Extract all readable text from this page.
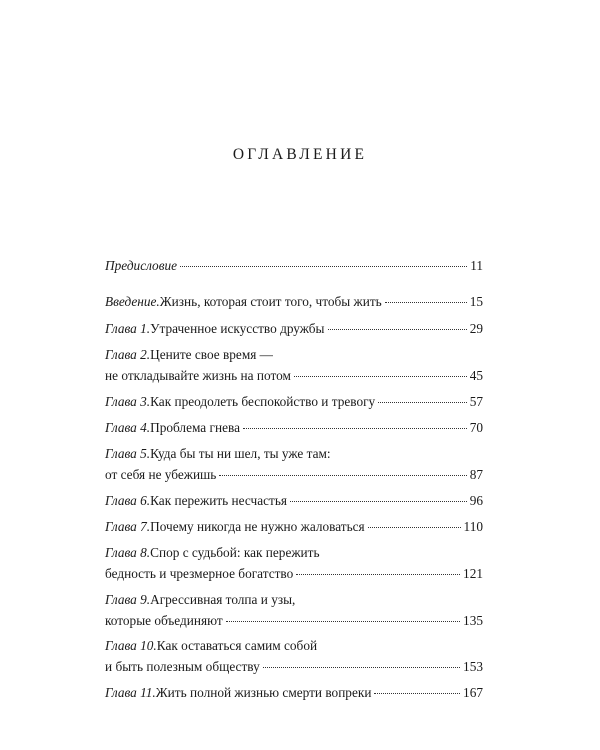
ОГЛАВЛЕНИЕ
Предисловие	11
Введение. Жизнь, которая стоит того, чтобы жить	15
Глава 1. Утраченное искусство дружбы	29
Глава 2. Цените свое время —
не откладывайте жизнь на потом	45
Глава 3. Как преодолеть беспокойство и тревогу	57
Глава 4. Проблема гнева	70
Глава 5. Куда бы ты ни шел, ты уже там:
от себя не убежишь	87
Глава 6. Как пережить несчастья	96
Глава 7. Почему никогда не нужно жаловаться	110
Глава 8. Спор с судьбой: как пережить
бедность и чрезмерное богатство	121
Глава 9. Агрессивная толпа и узы,
которые объединяют	135
Глава 10. Как оставаться самим собой
и быть полезным обществу	153
Глава 11. Жить полной жизнью смерти вопреки	167
